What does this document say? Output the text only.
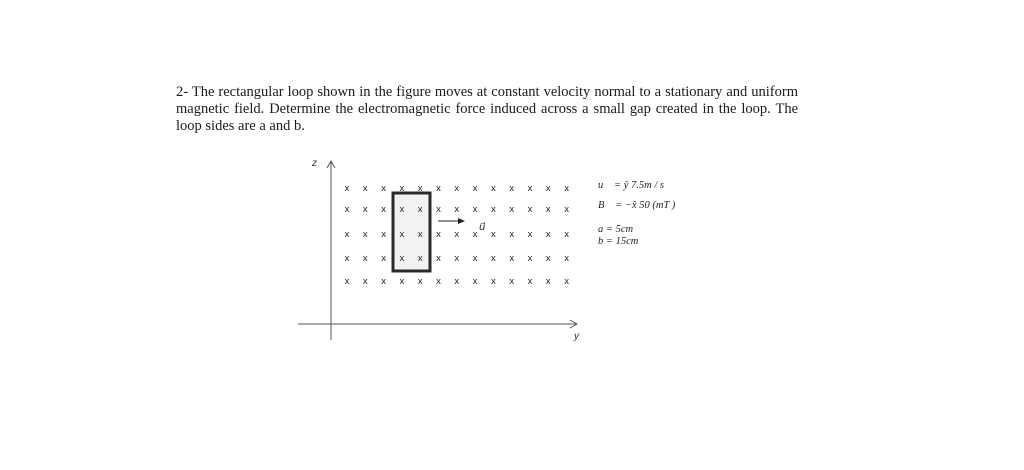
2- The rectangular loop shown in the figure moves at constant velocity normal to a stationary and uniform magnetic field. Determine the electromagnetic force induced across a small gap created in the loop. The loop sides are a and b.

z
y
x x x x x x x x x x x x x
x x x x x x x x x x x x x
x x x x x x x x x x x x x
x x x x x x x x x x x x x
x x x x x x x x x x x x x
u⃗
u⃗ = ŷ 7.5m / s
B⃗ = −x̂ 50 (mT )
a = 5cm
b = 15cm
